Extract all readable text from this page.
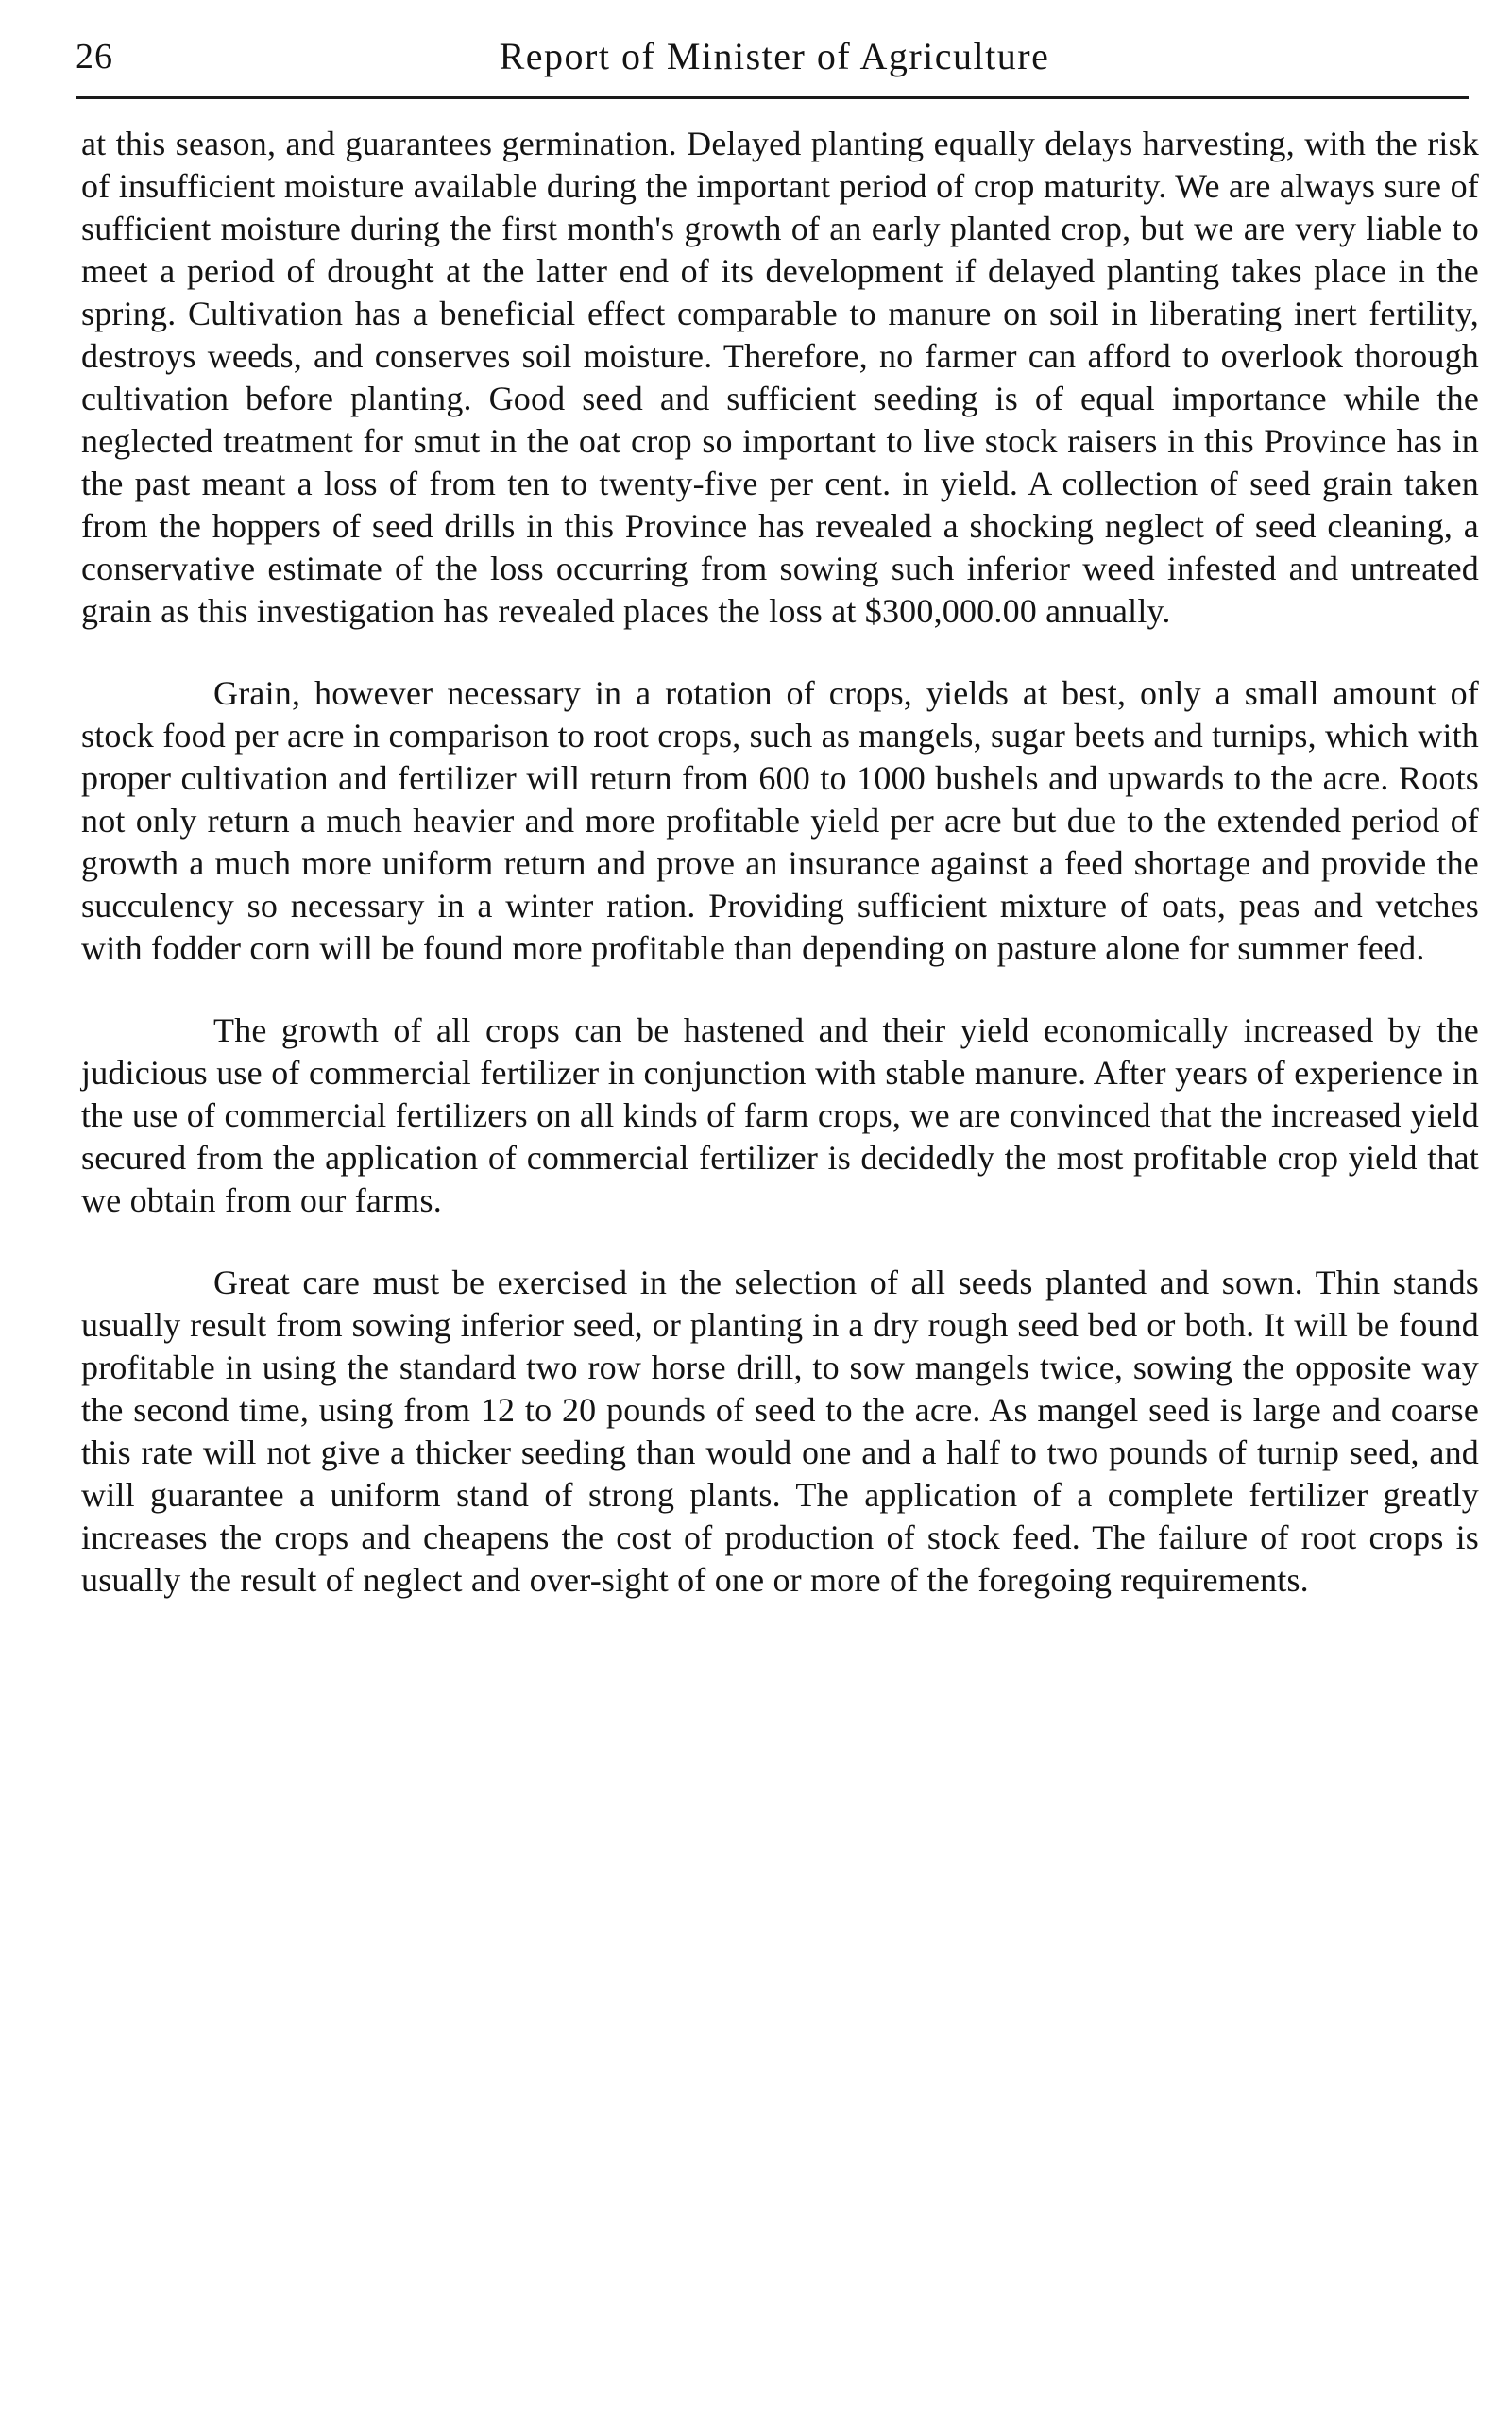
26	Report of Minister of Agriculture

at this season, and guarantees germination. Delayed planting equally delays harvesting, with the risk of insufficient moisture available during the important period of crop maturity. We are always sure of sufficient moisture during the first month's growth of an early planted crop, but we are very liable to meet a period of drought at the latter end of its development if delayed planting takes place in the spring. Cultivation has a beneficial effect comparable to manure on soil in liberating inert fertility, destroys weeds, and conserves soil moisture. Therefore, no farmer can afford to overlook thorough cultivation before planting. Good seed and sufficient seeding is of equal importance while the neglected treatment for smut in the oat crop so important to live stock raisers in this Province has in the past meant a loss of from ten to twenty-five per cent. in yield. A collection of seed grain taken from the hoppers of seed drills in this Province has revealed a shocking neglect of seed cleaning, a conservative estimate of the loss occurring from sowing such inferior weed infested and untreated grain as this investigation has revealed places the loss at $300,000.00 annually.

Grain, however necessary in a rotation of crops, yields at best, only a small amount of stock food per acre in comparison to root crops, such as mangels, sugar beets and turnips, which with proper cultivation and fertilizer will return from 600 to 1000 bushels and upwards to the acre. Roots not only return a much heavier and more profitable yield per acre but due to the extended period of growth a much more uniform return and prove an insurance against a feed shortage and provide the succulency so necessary in a winter ration. Providing sufficient mixture of oats, peas and vetches with fodder corn will be found more profitable than depending on pasture alone for summer feed.

The growth of all crops can be hastened and their yield economically increased by the judicious use of commercial fertilizer in conjunction with stable manure. After years of experience in the use of commercial fertilizers on all kinds of farm crops, we are convinced that the increased yield secured from the application of commercial fertilizer is decidedly the most profitable crop yield that we obtain from our farms.

Great care must be exercised in the selection of all seeds planted and sown. Thin stands usually result from sowing inferior seed, or planting in a dry rough seed bed or both. It will be found profitable in using the standard two row horse drill, to sow mangels twice, sowing the opposite way the second time, using from 12 to 20 pounds of seed to the acre. As mangel seed is large and coarse this rate will not give a thicker seeding than would one and a half to two pounds of turnip seed, and will guarantee a uniform stand of strong plants. The application of a complete fertilizer greatly increases the crops and cheapens the cost of production of stock feed. The failure of root crops is usually the result of neglect and over-sight of one or more of the foregoing requirements.
